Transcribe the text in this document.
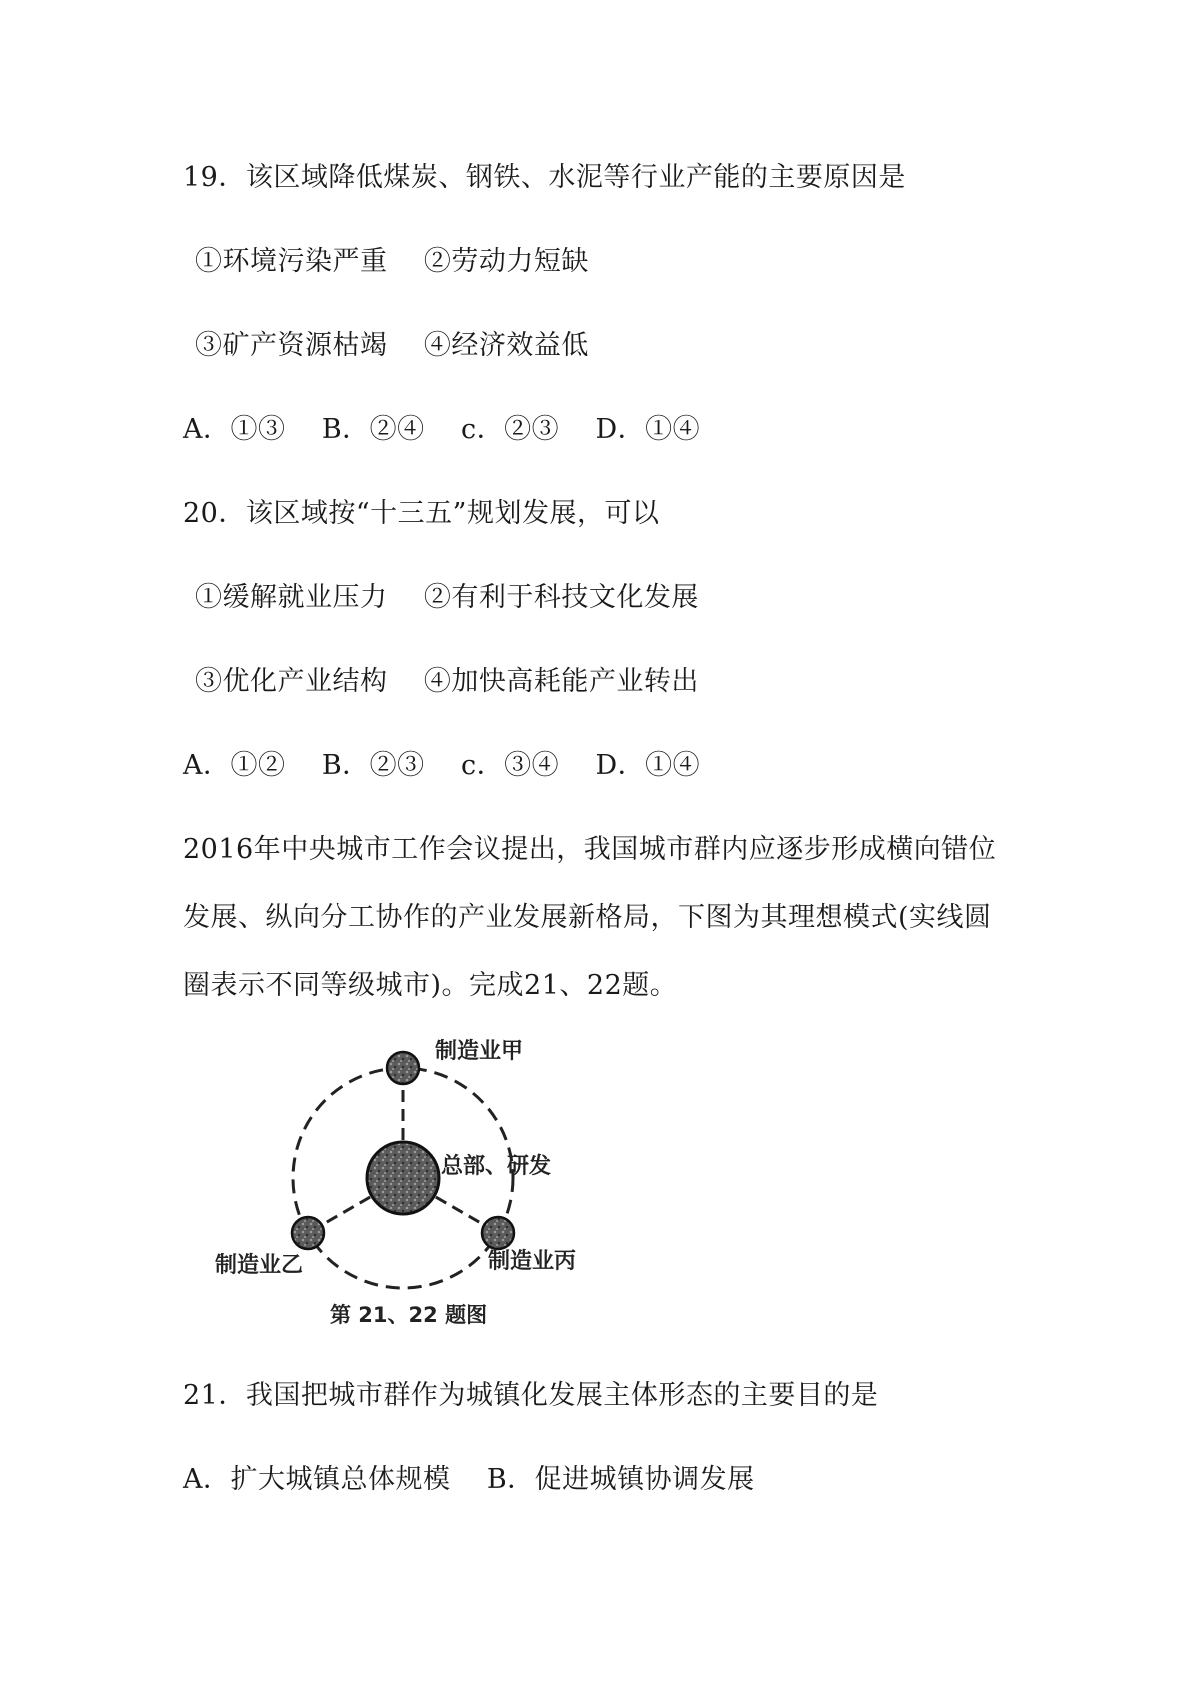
19．该区域降低煤炭、钢铁、水泥等行业产能的主要原因是
①环境污染严重    ②劳动力短缺
③矿产资源枯竭    ④经济效益低
A．①③    B．②④    c．②③    D．①④
20．该区域按“十三五”规划发展，可以
①缓解就业压力    ②有利于科技文化发展
③优化产业结构    ④加快高耗能产业转出
A．①②    B．②③    c．③④    D．①④
2016年中央城市工作会议提出，我国城市群内应逐步形成横向错位
发展、纵向分工协作的产业发展新格局，下图为其理想模式(实线圆
圈表示不同等级城市)。完成21、22题。
制造业甲
总部、研发
制造业乙	制造业丙
第 21、22 题图
21．我国把城市群作为城镇化发展主体形态的主要目的是
A．扩大城镇总体规模    B．促进城镇协调发展
